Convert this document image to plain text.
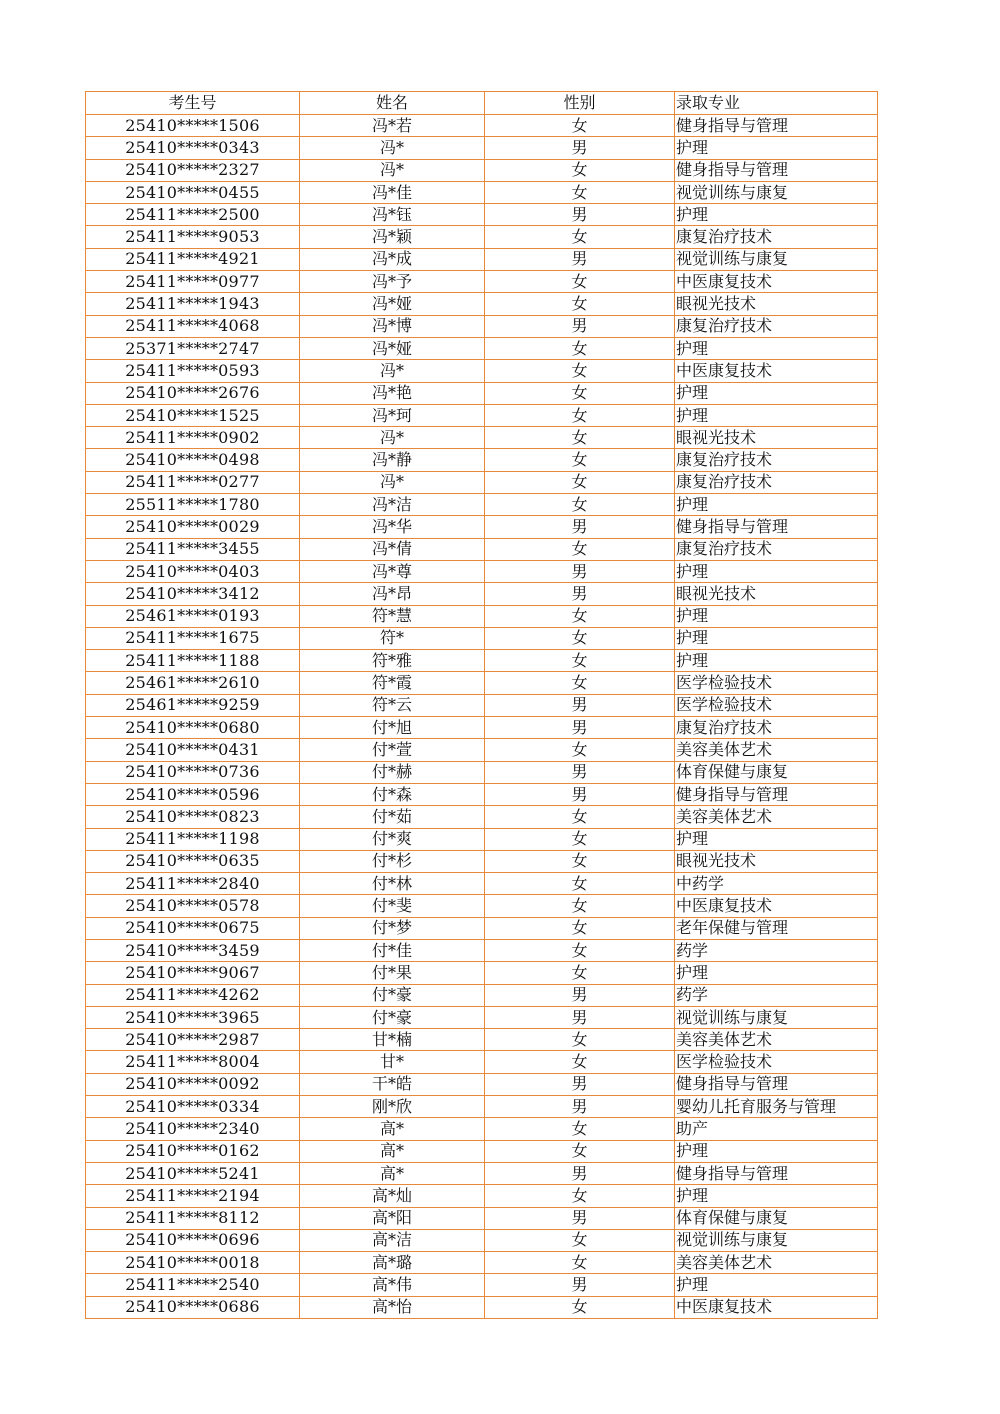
考生号	姓名	性别	录取专业
25410*****1506	冯*若	女	健身指导与管理
25410*****0343	冯*	男	护理
25410*****2327	冯*	女	健身指导与管理
25410*****0455	冯*佳	女	视觉训练与康复
25411*****2500	冯*钰	男	护理
25411*****9053	冯*颖	女	康复治疗技术
25411*****4921	冯*成	男	视觉训练与康复
25411*****0977	冯*予	女	中医康复技术
25411*****1943	冯*娅	女	眼视光技术
25411*****4068	冯*博	男	康复治疗技术
25371*****2747	冯*娅	女	护理
25411*****0593	冯*	女	中医康复技术
25410*****2676	冯*艳	女	护理
25410*****1525	冯*珂	女	护理
25411*****0902	冯*	女	眼视光技术
25410*****0498	冯*静	女	康复治疗技术
25411*****0277	冯*	女	康复治疗技术
25511*****1780	冯*洁	女	护理
25410*****0029	冯*华	男	健身指导与管理
25411*****3455	冯*倩	女	康复治疗技术
25410*****0403	冯*尊	男	护理
25410*****3412	冯*昂	男	眼视光技术
25461*****0193	符*慧	女	护理
25411*****1675	符*	女	护理
25411*****1188	符*雅	女	护理
25461*****2610	符*霞	女	医学检验技术
25461*****9259	符*云	男	医学检验技术
25410*****0680	付*旭	男	康复治疗技术
25410*****0431	付*萱	女	美容美体艺术
25410*****0736	付*赫	男	体育保健与康复
25410*****0596	付*森	男	健身指导与管理
25410*****0823	付*茹	女	美容美体艺术
25411*****1198	付*爽	女	护理
25410*****0635	付*杉	女	眼视光技术
25411*****2840	付*林	女	中药学
25410*****0578	付*斐	女	中医康复技术
25410*****0675	付*梦	女	老年保健与管理
25410*****3459	付*佳	女	药学
25410*****9067	付*果	女	护理
25411*****4262	付*豪	男	药学
25410*****3965	付*豪	男	视觉训练与康复
25410*****2987	甘*楠	女	美容美体艺术
25411*****8004	甘*	女	医学检验技术
25410*****0092	干*皓	男	健身指导与管理
25410*****0334	刚*欣	男	婴幼儿托育服务与管理
25410*****2340	高*	女	助产
25410*****0162	高*	女	护理
25410*****5241	高*	男	健身指导与管理
25411*****2194	高*灿	女	护理
25411*****8112	高*阳	男	体育保健与康复
25410*****0696	高*洁	女	视觉训练与康复
25410*****0018	高*璐	女	美容美体艺术
25411*****2540	高*伟	男	护理
25410*****0686	高*怡	女	中医康复技术
